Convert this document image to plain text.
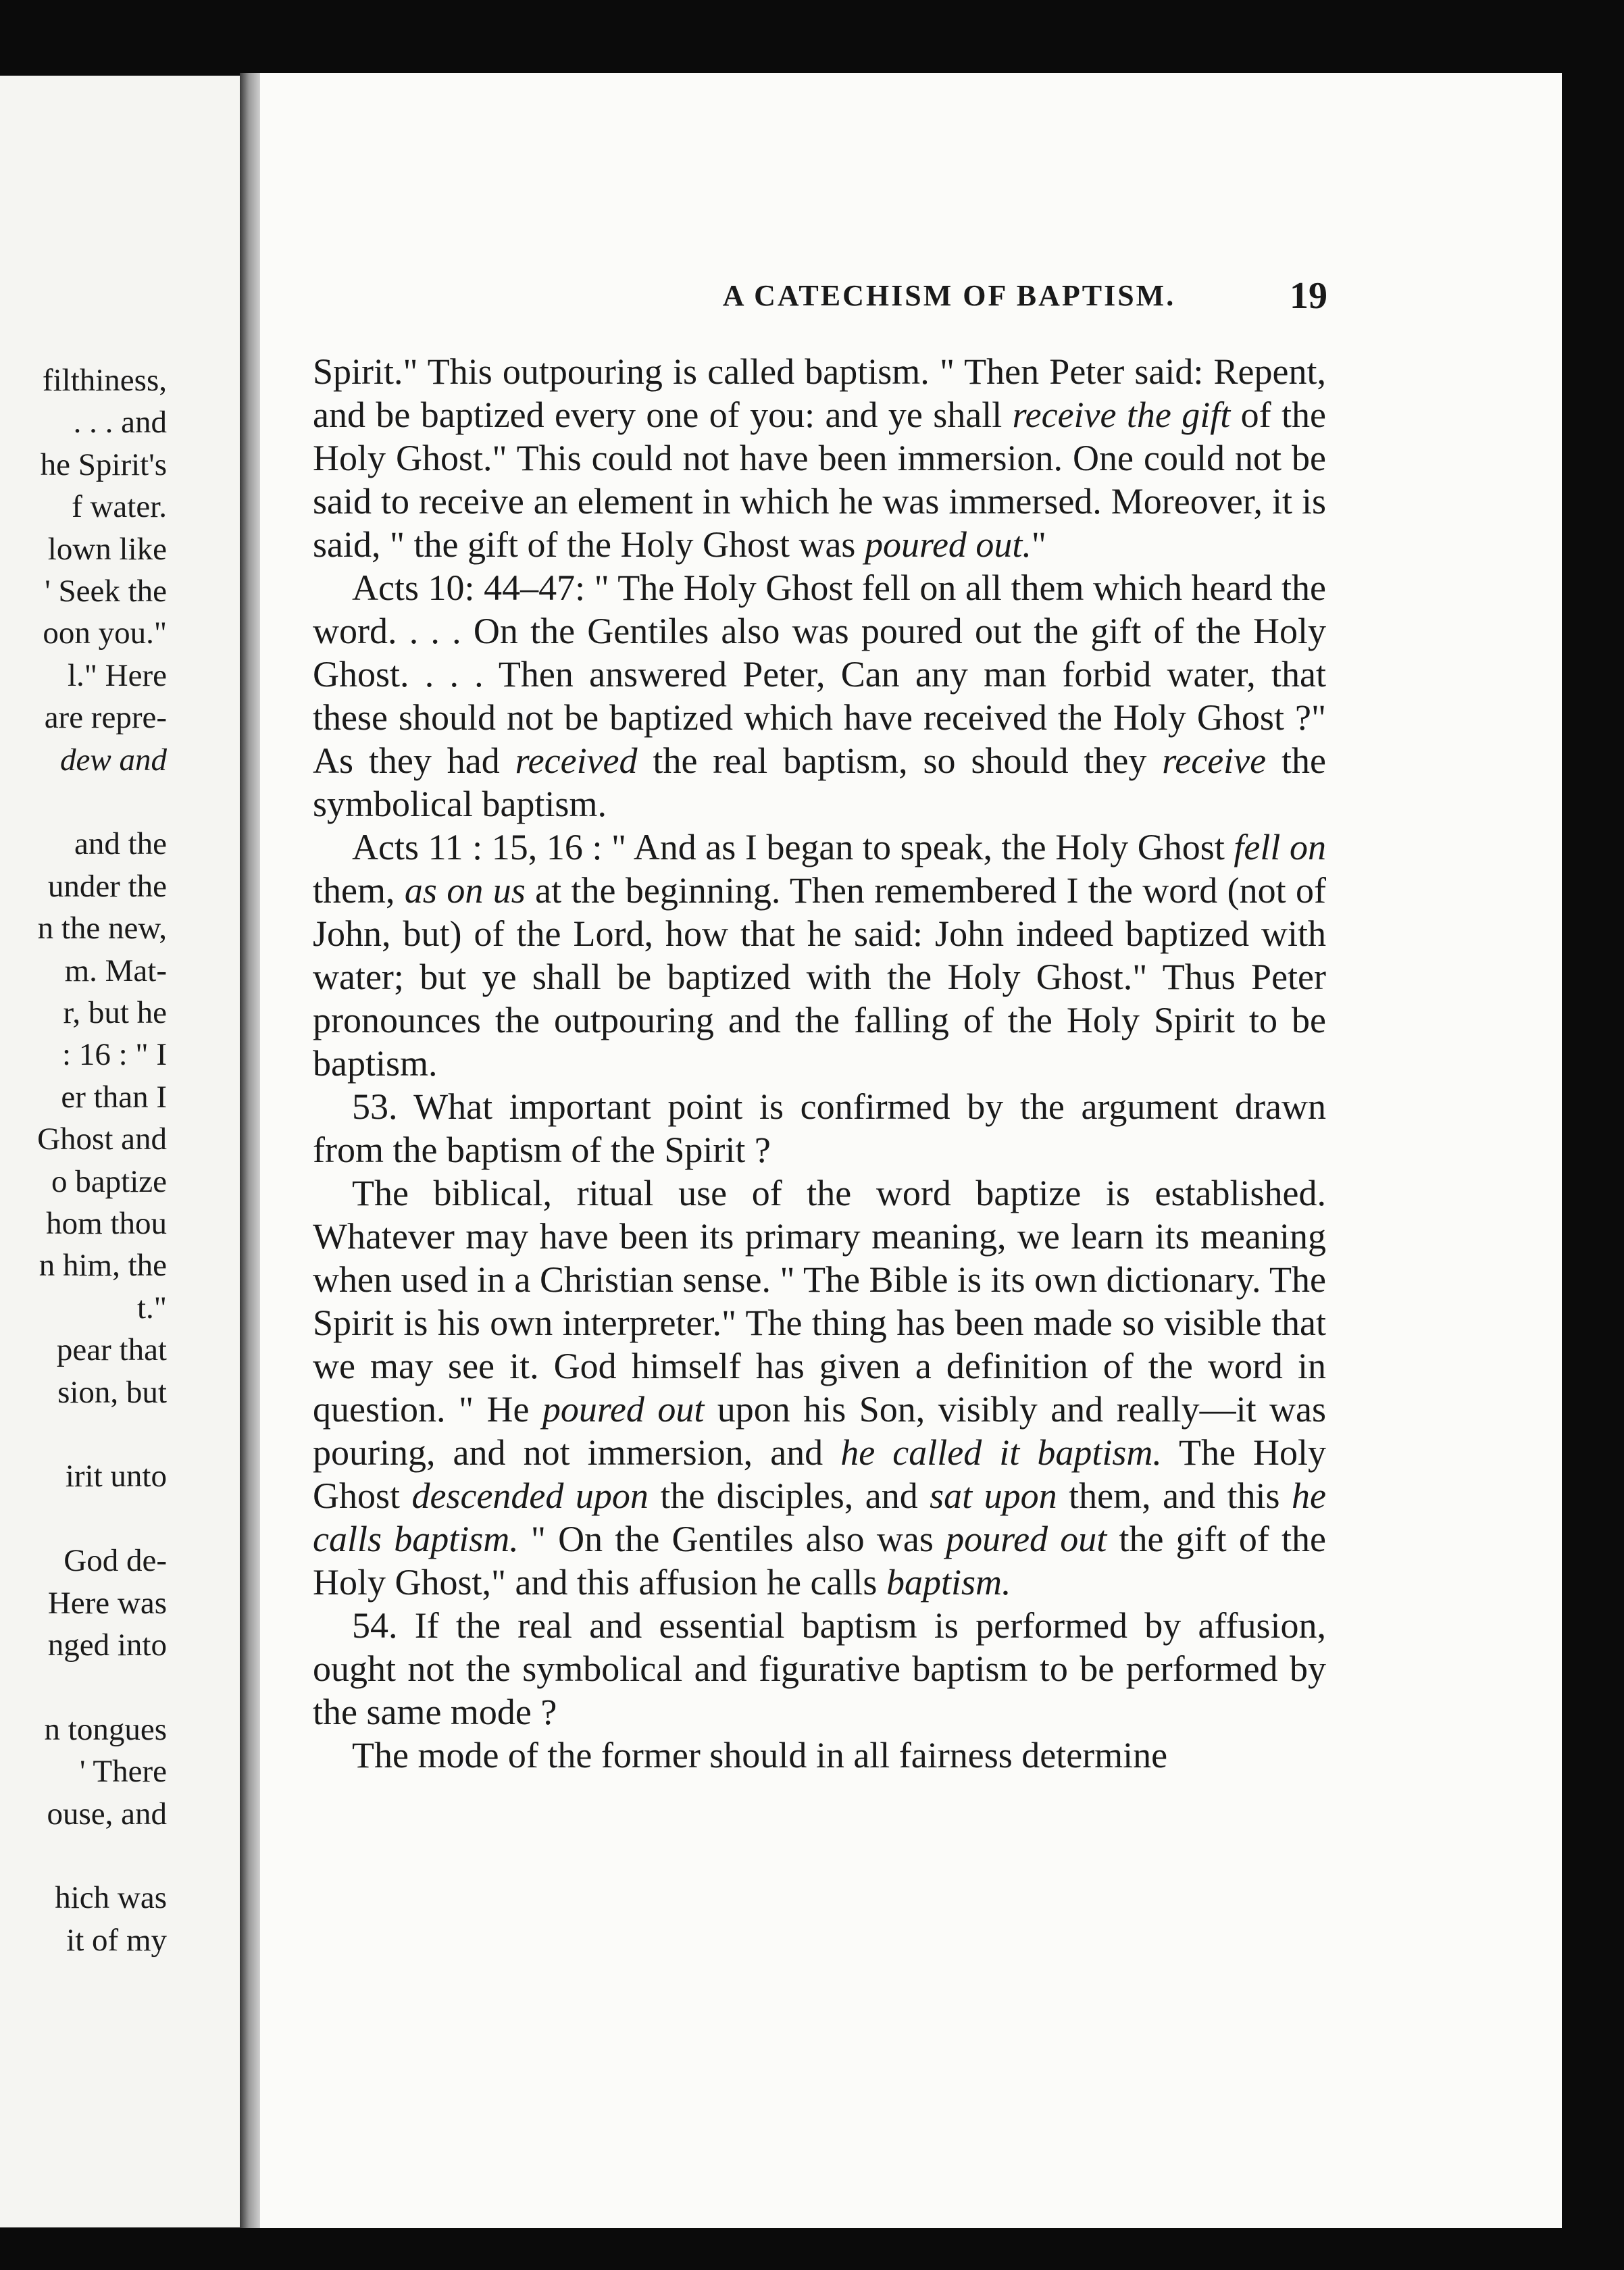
filthiness,
. . . and
he Spirit's
f water.
lown like
' Seek the
oon you."
l." Here
are repre-
dew and
and the
under the
n the new,
m. Mat-
r, but he
: 16 : " I
er than I
Ghost and
o baptize
hom thou
n him, the
t."
pear that
sion, but
irit unto
God de-
Here was
nged into
n tongues
' There
ouse, and
hich was
it of my
A CATECHISM OF BAPTISM.	19

Spirit." This outpouring is called baptism. " Then Peter said: Repent, and be baptized every one of you: and ye shall receive the gift of the Holy Ghost." This could not have been immersion. One could not be said to receive an element in which he was immersed. Moreover, it is said, " the gift of the Holy Ghost was poured out."

Acts 10: 44–47: " The Holy Ghost fell on all them which heard the word. . . . On the Gentiles also was poured out the gift of the Holy Ghost. . . . Then answered Peter, Can any man forbid water, that these should not be baptized which have received the Holy Ghost ?" As they had received the real baptism, so should they receive the symbolical baptism.

Acts 11 : 15, 16 : " And as I began to speak, the Holy Ghost fell on them, as on us at the beginning. Then remembered I the word (not of John, but) of the Lord, how that he said: John indeed baptized with water; but ye shall be baptized with the Holy Ghost." Thus Peter pronounces the outpouring and the falling of the Holy Spirit to be baptism.

53. What important point is confirmed by the argument drawn from the baptism of the Spirit ?

The biblical, ritual use of the word baptize is established. Whatever may have been its primary meaning, we learn its meaning when used in a Christian sense. " The Bible is its own dictionary. The Spirit is his own interpreter." The thing has been made so visible that we may see it. God himself has given a definition of the word in question. " He poured out upon his Son, visibly and really—it was pouring, and not immersion, and he called it baptism. The Holy Ghost descended upon the disciples, and sat upon them, and this he calls baptism. " On the Gentiles also was poured out the gift of the Holy Ghost," and this affusion he calls baptism.

54. If the real and essential baptism is performed by affusion, ought not the symbolical and figurative baptism to be performed by the same mode ?

The mode of the former should in all fairness determine
